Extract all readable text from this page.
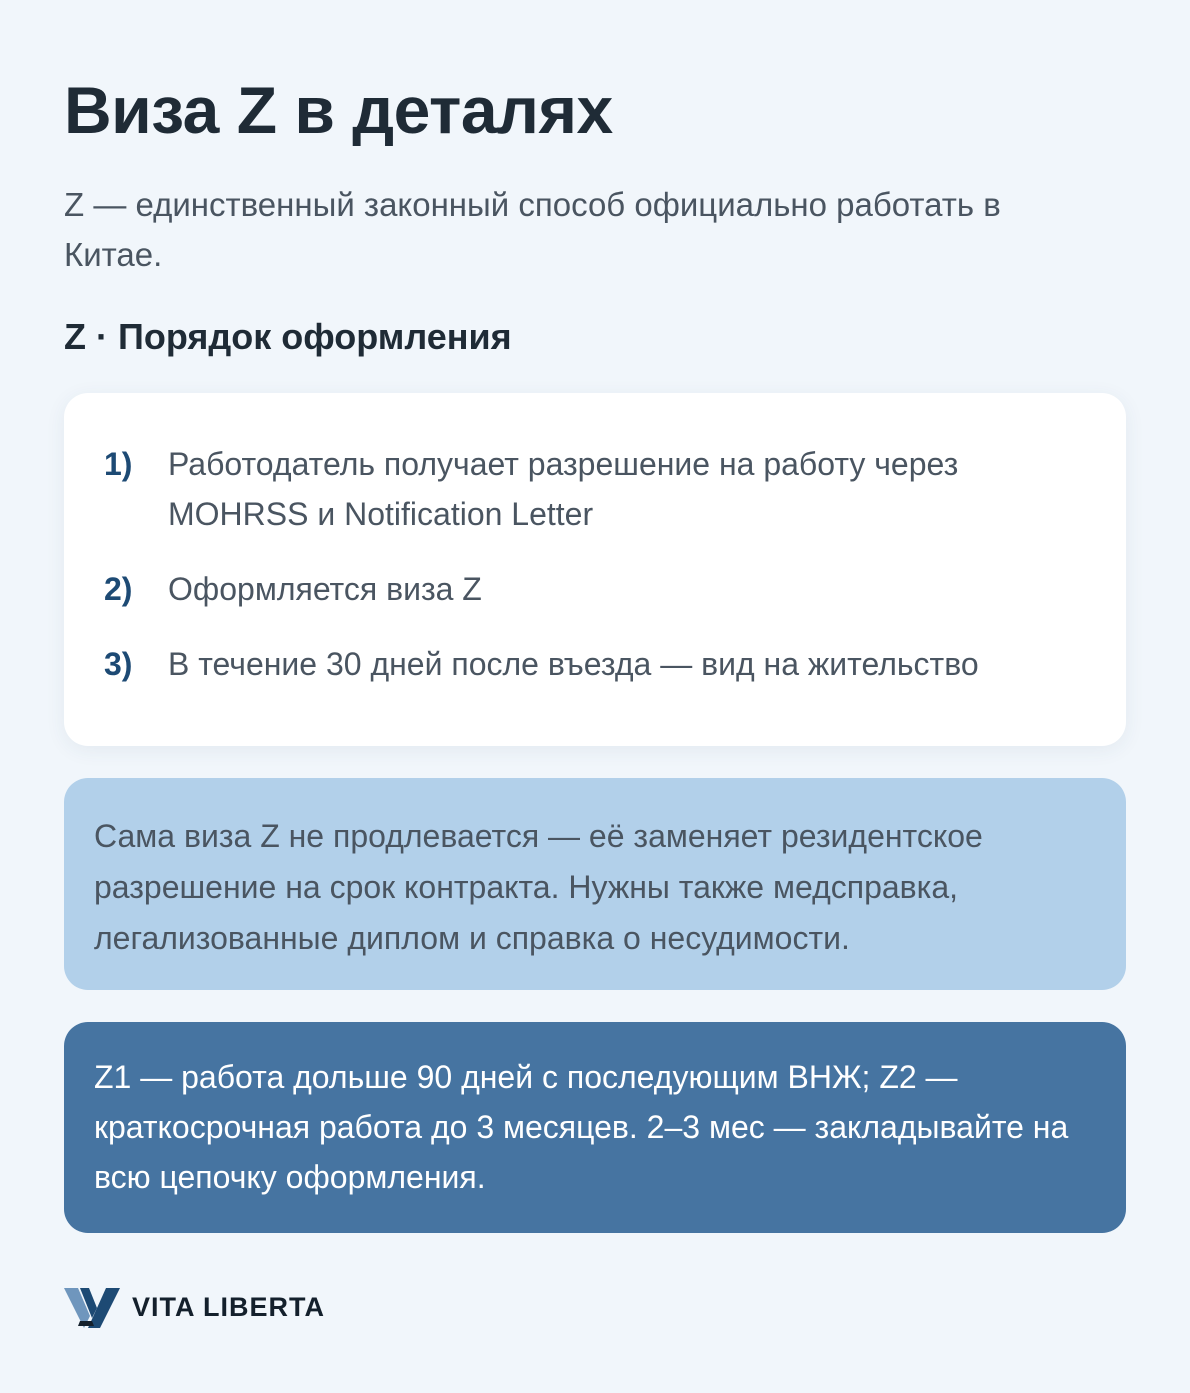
Виза Z в деталях

Z — единственный законный способ официально работать в Китае.

Z · Порядок оформления
1)	Работодатель получает разрешение на работу через MOHRSS и Notification Letter
2)	Оформляется виза Z
3)	В течение 30 дней после въезда — вид на жительство

Сама виза Z не продлевается — её заменяет резидентское разрешение на срок контракта. Нужны также медсправка, легализованные диплом и справка о несудимости.

Z1 — работа дольше 90 дней с последующим ВНЖ; Z2 — краткосрочная работа до 3 месяцев. 2–3 мес — закладывайте на всю цепочку оформления.

VITA LIBERTA
